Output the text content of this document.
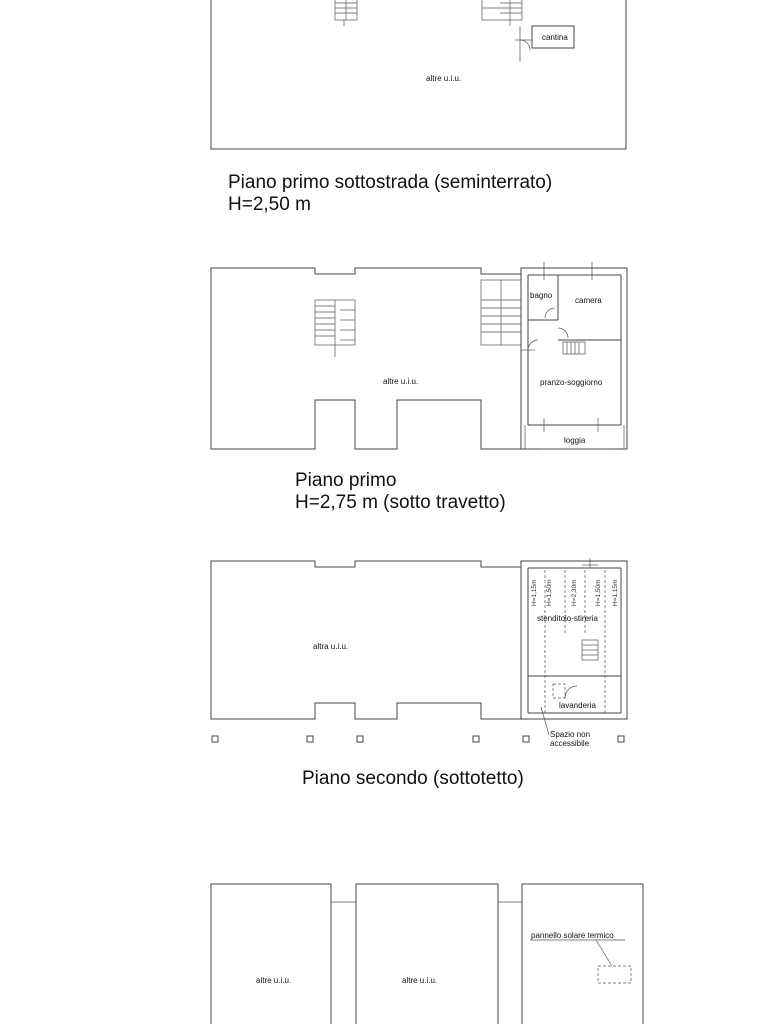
cantina
altre u.i.u.
bagno
camera
pranzo-soggiorno
loggia
altre u.i.u.
H=1,15m H=1,50m	H=2,30m	H=1,50m H=1,15m
stenditoio-stireria
lavanderia
altra u.i.u.
Spazio non
accessibile
altre u.i.u.	altre u.i.u.
pannello solare termico
Piano primo sottostrada (seminterrato)
H=2,50 m
Piano primo
H=2,75 m (sotto travetto)
Piano secondo (sottotetto)
